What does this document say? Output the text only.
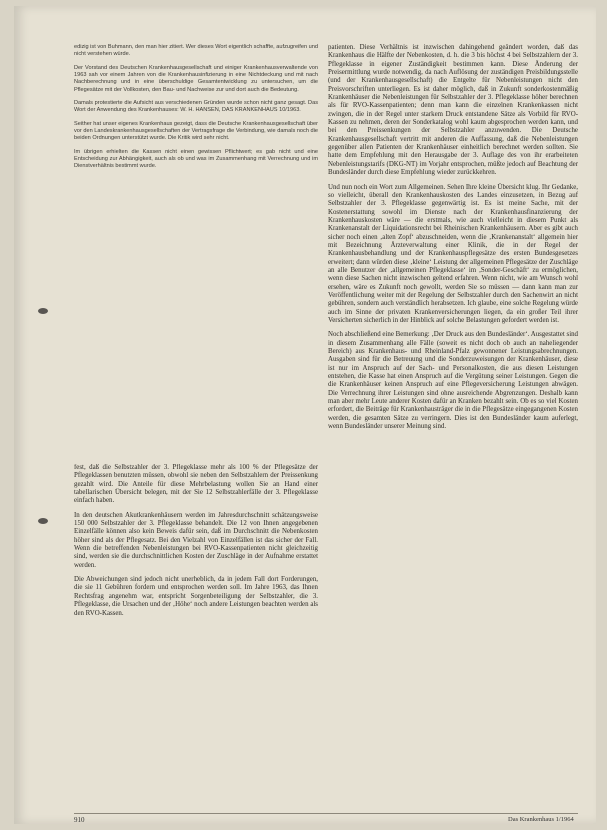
edizig ist von Buhmann, den man hier zitiert. Wer dieses Wort eigentlich schaffte, aufzugreifen und nicht verstehen würde.

Der Vorstand des Deutschen Krankenhausgesellschaft und einiger Krankenhausverwaltende von 1963 sah vor einem Jahren von die Krankenhausinfizierung in eine Nichtdeckung und mit nach Nachberechnung und in eine überschuldige Gesamtentwicklung zu untersuchen, um die Pflegesätze mit der Vollkosten, den Bau- und Nachweise zur und dort auch die Bedeutung.

Damals protestierte die Aufsicht aus verschiedenen Gründen wurde schon nicht ganz gesagt. Das Wort der Anwendung des Krankenhauses: W. H. HANSEN, DAS KRANKENHAUS 10/1963.

Seither hat unser eigenes Krankenhaus gezeigt, dass die Deutsche Krankenhausgesellschaft über vor den Landeskrankenhausgesellschaften der Vertragsfrage die Verbindung, wie damals noch die beiden Ordnungen unterstützt wurde. Die Kritik wird sehr nicht.

Im übrigen erhielten die Kassen nicht einen gewissen Pflichtwert; es gab nicht und eine Entscheidung zur Abhängigkeit, auch als ob und was im Zusammenhang mit Verrechnung und im Dienstverhältnis bestimmt wurde.

fest, daß die Selbstzahler der 3. Pflegeklasse mehr als 100 % der Pflegesätze der Pflegeklassen benutzten müssen, obwohl sie neben den Selbstzahlern der Preissenkung gezahlt wird. Die Anteile für diese Mehrbelastung wollen Sie an Hand einer tabellarischen Übersicht belegen, mit der Sie 12 Selbstzahlerfälle der 3. Pflegeklasse einfach haben.

In den deutschen Akutkrankenhäusern werden im Jahresdurchschnitt schätzungsweise 150 000 Selbstzahler der 3. Pflegeklasse behandelt. Die 12 von Ihnen angegebenen Einzelfälle können also kein Beweis dafür sein, daß im Durchschnitt die Nebenkosten höher sind als der Pflegesatz. Bei den Vielzahl von Einzelfällen ist das sicher der Fall. Wenn die betreffenden Nebenleistungen bei RVO-Kassenpatienten nicht gleichzeitig sind, werden sie die durchschnittlichen Kosten der Zuschläge in der Aufnahme erstattet werden.

Die Abweichungen sind jedoch nicht unerheblich, da in jedem Fall dort Forderungen, die sie 11 Gebühren fordern und entsprochen werden soll. Im Jahre 1963, das Ihnen Rechtsfrag angenehm war, entspricht Sorgenbeteiligung der Selbstzahler, die 3. Pflegeklasse, die Ursachen und der ‚Höhe‘ noch andere Leistungen beachten werden als den RVO-Kassen.

patienten. Diese Verhältnis ist inzwischen dahingehend geändert worden, daß das Krankenhaus die Hälfte der Nebenkosten, d. h. die 3 bis höchst 4 bei Selbstzahlern der 3. Pflegeklasse in eigener Zuständigkeit bestimmen kann. Diese Änderung der Preisermittlung wurde notwendig, da nach Auflösung der zuständigen Preisbildungsstelle (und der Krankenhausgesellschaft) die Entgelte für Nebenleistungen nicht den Preisvorschriften unterliegen. Es ist daher möglich, daß in Zukunft sonderkostenmäßig Krankenhäuser die Nebenleistungen für Selbstzahler der 3. Pflegeklasse höher berechnen als für RVO-Kassenpatienten; denn man kann die einzelnen Krankenkassen nicht zwingen, die in der Regel unter starkem Druck entstandene Sätze als Vorbild für RVO-Kassen zu nehmen, deren der Sonderkatalog wohl kaum abgesprochen werden kann, und bei den Preissenkungen der Selbstzahler anzuwenden. Die Deutsche Krankenhausgesellschaft vertritt mit anderen die Auffassung, daß die Nebenleistungen gegenüber allen Patienten der Krankenhäuser einheitlich berechnet werden sollten. Sie hatte dem Empfehlung mit den Herausgabe der 3. Auflage des von ihr erarbeiteten Nebenleistungstarifs (DKG-NT) im Vorjahr entsprochen, müßte jedoch auf Beachtung der Bundesländer durch diese Empfehlung wieder zurückkehren.

Und nun noch ein Wort zum Allgemeinen. Sehen Ihre kleine Übersicht klug. Ihr Gedanke, so vielleicht, überall den Krankenhauskosten des Landes einzusetzen, in Bezug auf Selbstzahler der 3. Pflegeklasse gegenwärtig ist. Es ist meine Sache, mit der Kostenerstattung sowohl im Dienste nach der Krankenhausfinanzierung der Krankenhauskosten wäre — die erstmals, wie auch vielleicht in diesem Punkt als Krankenanstalt der Liquidationsrecht bei Rheinischen Krankenhäusern. Aber es gibt auch sicher noch einen ‚alten Zopf‘ abzuschneiden, wenn die ‚Krankenanstalt‘ allgemein hier mit Bezeichnung Ärzteverwaltung einer Klinik, die in der Regel der Krankenhausbehandlung und der Krankenhauspflegesätze des ersten Bundesgesetzes erweitert; dann würden diese ‚kleine‘ Leistung der allgemeinen Pflegesätze der Zuschläge an alle Benutzer der ‚allgemeinen Pflegeklasse‘ im ,Sonder-Geschäft‘ zu ermöglichen, wenn diese Sachen nicht inzwischen geltend erfahren. Wenn nicht, wie am Wunsch wohl ersehen, wäre es Zukunft noch gewollt, werden Sie so müssen — dann kann man zur Veröffentlichung weiter mit der Regelung der Selbstzahler durch den Sachenwirt an nicht gebühren, sondern auch verständlich herabsetzen. Ich glaube, eine solche Regelung würde auch im Sinne der privaten Krankenversicherungen liegen, da ein großer Teil ihrer Versicherten sicherlich in der Hinblick auf solche Belastungen gefordert werden ist.

Noch abschließend eine Bemerkung: ‚Der Druck aus den Bundesländer‘. Ausgestattet sind in diesem Zusammenhang alle Fälle (soweit es nicht doch ob auch an naheliegender Bereich) aus Krankenhaus- und Rheinland-Pfalz gewonnener Leistungsabrechnungen. Ausgaben sind für die Betreuung und die Sonderzuweisungen der Krankenhäuser, diese ist nur im Anspruch auf der Sach- und Personalkosten, die aus diesen Leistungen entstehen, die Kasse hat einen Anspruch auf die Vergütung seiner Leistungen. Gegen die die Krankenhäuser keinen Anspruch auf eine Pflegeversicherung Leistungen abwägen. Die Verrechnung ihrer Leistungen sind ohne ausreichende Abgrenzungen. Deshalb kann man aber mehr Leute anderer Kosten dafür an Kranken bezahlt sein. Ob es so viel Kosten erfordert, die Beiträge für Krankenhausträger die in die Pflegesätze eingegangenen Kosten werden, die gesamten Sätze zu verringern. Dies ist den Bundesländer kaum auferlegt, wenn Bundesländer unserer Meinung sind.

910	Das Krankenhaus 1/1964
